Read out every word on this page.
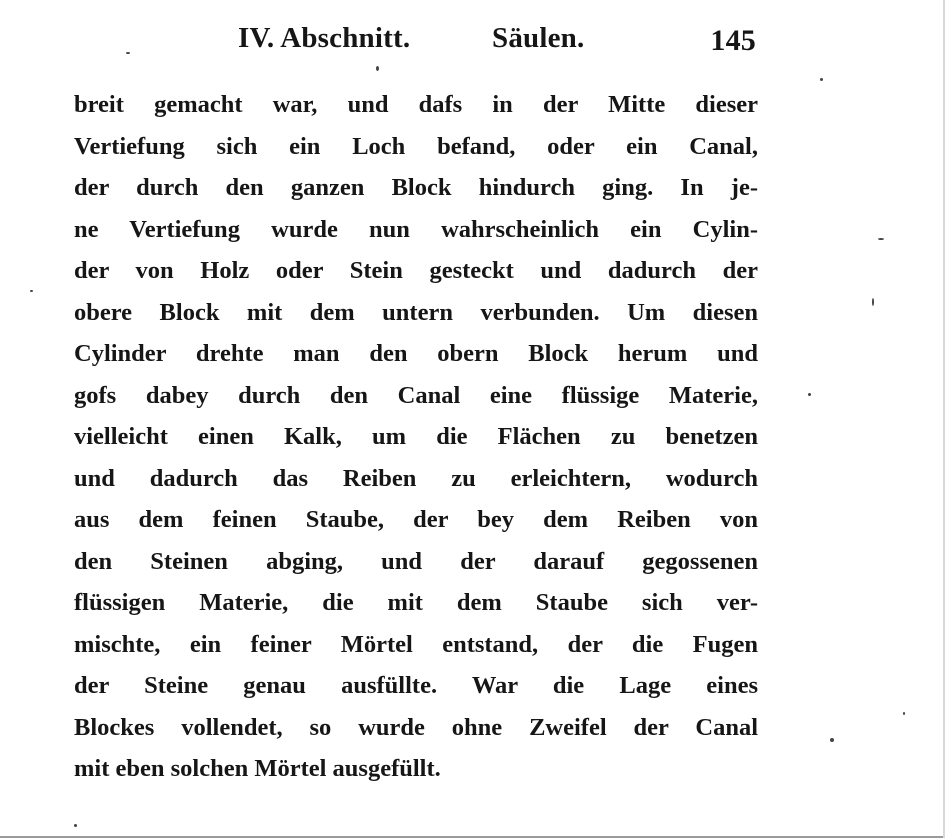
IV. Abschnitt.	Säulen.	145
breit gemacht war, und dafs in der Mitte dieser
Vertiefung sich ein Loch befand, oder ein Canal,
der durch den ganzen Block hindurch ging. In je-
ne Vertiefung wurde nun wahrscheinlich ein Cylin-
der von Holz oder Stein gesteckt und dadurch der
obere Block mit dem untern verbunden. Um diesen
Cylinder drehte man den obern Block herum und
gofs dabey durch den Canal eine flüssige Materie,
vielleicht einen Kalk, um die Flächen zu benetzen
und dadurch das Reiben zu erleichtern, wodurch
aus dem feinen Staube, der bey dem Reiben von
den Steinen abging, und der darauf gegossenen
flüssigen Materie, die mit dem Staube sich ver-
mischte, ein feiner Mörtel entstand, der die Fugen
der Steine genau ausfüllte. War die Lage eines
Blockes vollendet, so wurde ohne Zweifel der Canal
mit eben solchen Mörtel ausgefüllt.
